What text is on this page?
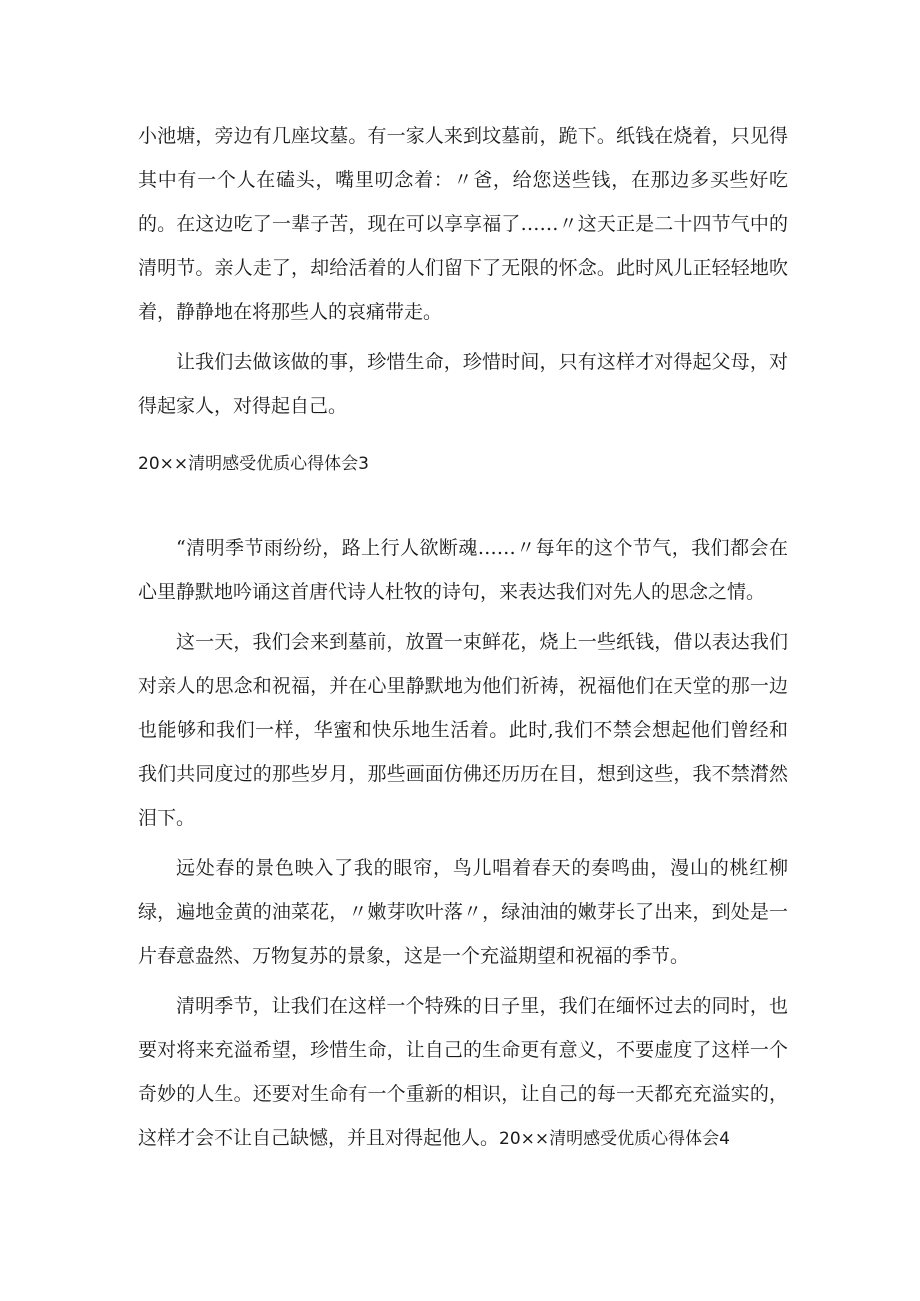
小池塘，旁边有几座坟墓。有一家人来到坟墓前，跪下。纸钱在烧着，只见得其中有一个人在磕头，嘴里叨念着：〃爸，给您送些钱，在那边多买些好吃的。在这边吃了一辈子苦，现在可以享享福了……〃这天正是二十四节气中的清明节。亲人走了，却给活着的人们留下了无限的怀念。此时风儿正轻轻地吹着，静静地在将那些人的哀痛带走。

让我们去做该做的事，珍惜生命，珍惜时间，只有这样才对得起父母，对得起家人，对得起自己。

20××清明感受优质心得体会3

“清明季节雨纷纷，路上行人欲断魂……〃每年的这个节气，我们都会在心里静默地吟诵这首唐代诗人杜牧的诗句，来表达我们对先人的思念之情。

这一天，我们会来到墓前，放置一束鲜花，烧上一些纸钱，借以表达我们对亲人的思念和祝福，并在心里静默地为他们祈祷，祝福他们在天堂的那一边也能够和我们一样，华蜜和快乐地生活着。此时,我们不禁会想起他们曾经和我们共同度过的那些岁月，那些画面仿佛还历历在目，想到这些，我不禁潸然泪下。

远处春的景色映入了我的眼帘，鸟儿唱着春天的奏鸣曲，漫山的桃红柳绿，遍地金黄的油菜花，〃嫩芽吹叶落〃，绿油油的嫩芽长了出来，到处是一片春意盎然、万物复苏的景象，这是一个充溢期望和祝福的季节。

清明季节，让我们在这样一个特殊的日子里，我们在缅怀过去的同时，也要对将来充溢希望，珍惜生命，让自己的生命更有意义，不要虚度了这样一个奇妙的人生。还要对生命有一个重新的相识，让自己的每一天都充充溢实的，这样才会不让自己缺憾，并且对得起他人。20××清明感受优质心得体会4
